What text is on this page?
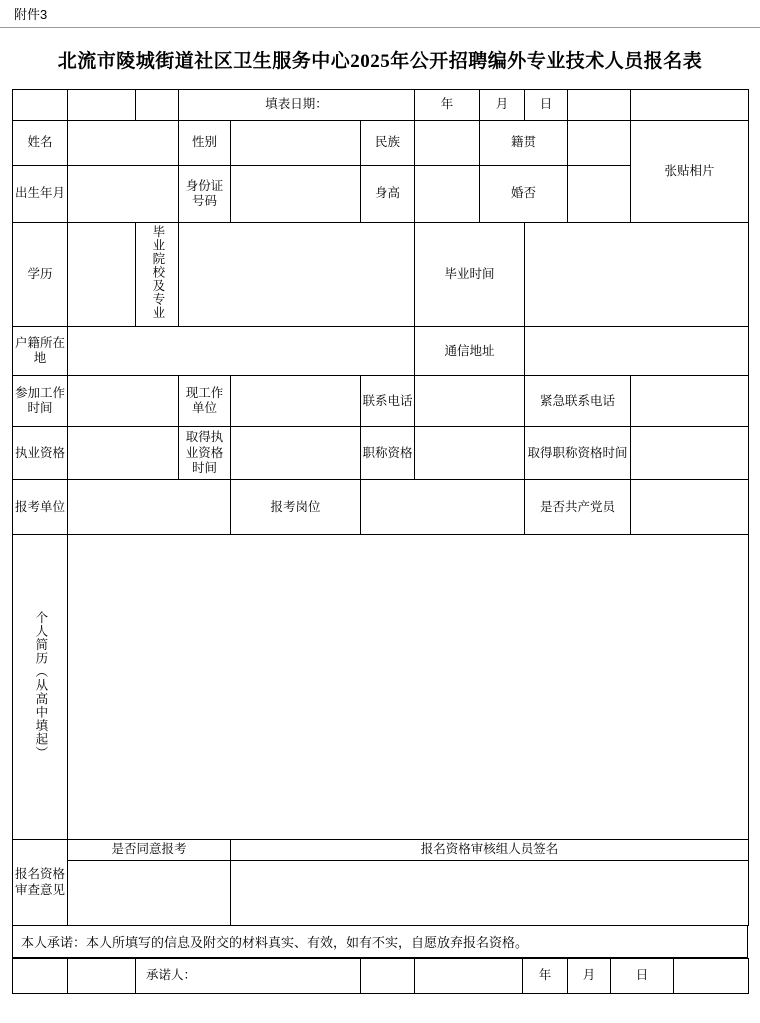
附件3
北流市陵城街道社区卫生服务中心2025年公开招聘编外专业技术人员报名表
			填表日期：			年	月	日		
姓名			性别		民族		籍贯			张贴相片
出生年月			身份证号码		身高		婚否			
学历		毕业院校及专业				毕业时间				
户籍所在地						通信地址				
参加工作时间			现工作单位		联系电话			紧急联系电话		
执业资格			取得执业资格时间		职称资格			取得职称资格时间		
报考单位				报考岗位				是否共产党员		
个人简历（从高中填起）										
报名资格审查意见	是否同意报考			报名资格审核组人员签名						

本人承诺：本人所填写的信息及附交的材料真实、有效，如有不实，自愿放弃报名资格。
		承诺人：			年	月	日	
